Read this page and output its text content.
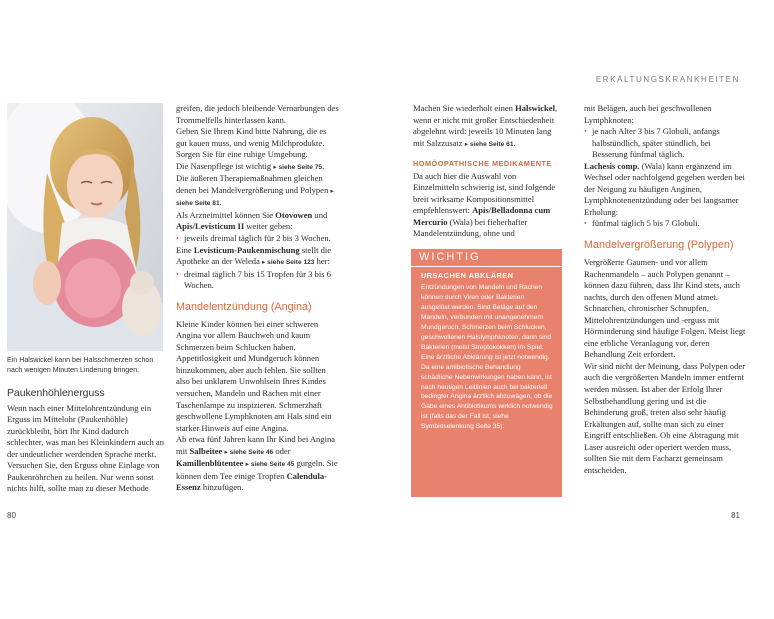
Ein Halswickel kann bei Halsschmerzen schon nach wenigen Minuten Linderung bringen.
Paukenhöhlenerguss

Wenn nach einer Mittelohrentzündung ein Erguss im Mittelohr (Paukenhöhle) zurückbleibt, hört Ihr Kind dadurch schlechter, was man bei Kleinkindern auch an der undeutlicher werdenden Sprache merkt.

Versuchen Sie, den Erguss ohne Einlage von Paukenröhrchen zu heilen. Nur wenn sonst nichts hilft, sollte man zu dieser Methode

greifen, die jedoch bleibende Vernarbungen des Trommelfells hinterlassen kann.

Geben Sie Ihrem Kind bitte Nahrung, die es gut kauen muss, und wenig Milchprodukte.

Sorgen Sie für eine ruhige Umgebung.

Die Nasenpflege ist wichtig ▸ siehe Seite 75.

Die äußeren Therapiemaßnahmen gleichen denen bei Mandelvergrößerung und Polypen ▸ siehe Seite 81.

Als Arzneimittel können Sie Otovowen und Apis/Levisticum II weiter geben:

• jeweils dreimal täglich für 2 bis 3 Wochen.

Eine Levisticum-Paukenmischung stellt die Apotheke an der Weleda ▸ siehe Seite 123 her:

• dreimal täglich 7 bis 15 Tropfen für 3 bis 6 Wochen.
Mandelentzündung (Angina)

Kleine Kinder können bei einer schweren Angina vor allem Bauchweh und kaum Schmerzen beim Schlucken haben. Appetitlosigkeit und Mundgeruch können hinzukommen, aber auch fehlen. Sie sollten also bei unklarem Unwohlsein Ihres Kindes versuchen, Mandeln und Rachen mit einer Taschenlampe zu inspizieren. Schmerzhaft geschwollene Lymphknoten am Hals sind ein starker Hinweis auf eine Angina.

Ab etwa fünf Jahren kann Ihr Kind bei Angina mit Salbeitee ▸ siehe Seite 46 oder Kamillenblütentee ▸ siehe Seite 45 gurgeln. Sie können dem Tee einige Tropfen Calendula-Essenz hinzufügen.

80
ERKÄLTUNGSKRANKHEITEN

Machen Sie wiederholt einen Halswickel, wenn er nicht mit großer Entschiedenheit abgelehnt wird: jeweils 10 Minuten lang mit Salzzusatz ▸ siehe Seite 61.

HOMÖOPATHISCHE MEDIKAMENTE

Da auch hier die Auswahl von Einzelmitteln schwierig ist, sind folgende breit wirksame Kompositionsmittel empfehlenswert: Apis/Belladonna cum Mercurio (Wala) bei fieberhafter Mandelentzündung, ohne und

WICHTIG
URSACHEN ABKLÄREN

Entzündungen von Mandeln und Rachen können durch Viren oder Bakterien ausgelöst werden. Sind Beläge auf den Mandeln, verbunden mit unangenehmem Mundgeruch, Schmerzen beim Schlucken, geschwollenen Halslymphknoten, dann sind Bakterien (meist Streptokokken) im Spiel. Eine ärztliche Abklärung ist jetzt notwendig. Da eine antibiotische Behandlung schädliche Nebenwirkungen haben kann, ist nach heutigen Leitlinien auch bei bakteriell bedingter Angina ärztlich abzuwägen, ob die Gabe eines Antibiotikums wirklich notwendig ist (falls das der Fall ist, siehe Symbioselenkung Seite 35).

mit Belägen, auch bei geschwollenen Lymphknoten:

• je nach Alter 3 bis 7 Globuli, anfangs halbstündlich, später stündlich, bei Besserung fünfmal täglich.

Lachesis comp. (Wala) kann ergänzend im Wechsel oder nachfolgend gegeben werden bei der Neigung zu häufigen Anginen, Lymphknotenentzündung oder bei langsamer Erholung:

• fünfmal täglich 5 bis 7 Globuli.
Mandelvergrößerung (Polypen)

Vergrößerte Gaumen- und vor allem Rachenmandeln – auch Polypen genannt – können dazu führen, dass Ihr Kind stets, auch nachts, durch den offenen Mund atmet. Schnarchen, chronischer Schnupfen, Mittelohrentzündungen und -erguss mit Hörminderung sind häufige Folgen. Meist liegt eine erbliche Veranlagung vor, deren Behandlung Zeit erfordert.

Wir sind nicht der Meinung, dass Polypen oder auch die vergrößerten Mandeln immer entfernt werden müssen. Ist aber der Erfolg Ihrer Selbstbehandlung gering und ist die Behinderung groß, treten also sehr häufig Erkältungen auf, sollte man sich zu einer Eingriff entschließen. Ob eine Abtragung mit Laser ausreicht oder operiert werden muss, sollten Sie mit dem Facharzt gemeinsam entscheiden.

81
